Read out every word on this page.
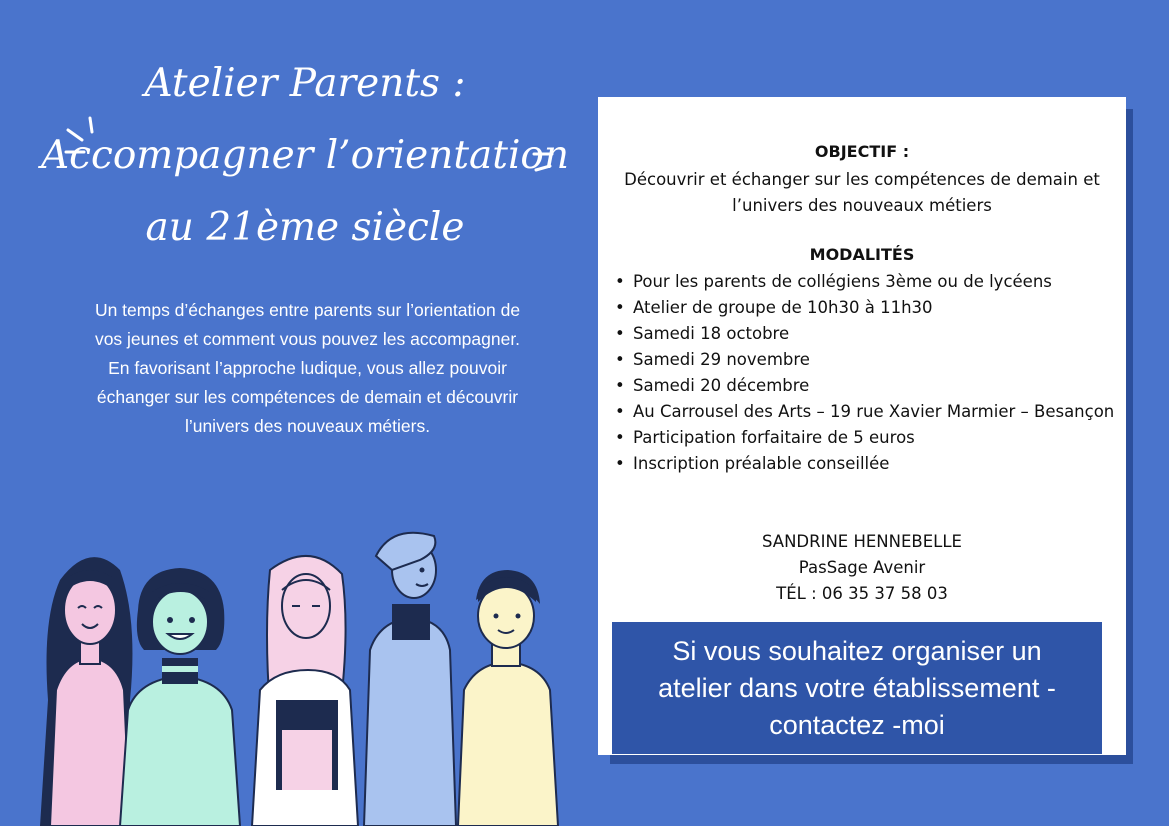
Atelier Parents :
Accompagner l’orientation
au 21ème siècle

Un temps d’échanges entre parents sur l’orientation de vos jeunes et comment vous pouvez les accompagner.

En favorisant l’approche ludique, vous allez pouvoir échanger sur les compétences de demain et découvrir l’univers des nouveaux métiers.

OBJECTIF :
Découvrir et échanger sur les compétences de demain et l’univers des nouveaux métiers
MODALITÉS
• Pour les parents de collégiens 3ème ou de lycéens
• Atelier de groupe de 10h30 à 11h30
• Samedi 18 octobre
• Samedi 29 novembre
• Samedi 20 décembre
• Au Carrousel des Arts – 19 rue Xavier Marmier – Besançon
• Participation forfaitaire de 5 euros
• Inscription préalable conseillée
SANDRINE HENNEBELLE
PasSage Avenir
TÉL : 06 35 37 58 03
Si vous souhaitez organiser un atelier dans votre établissement - contactez -moi
